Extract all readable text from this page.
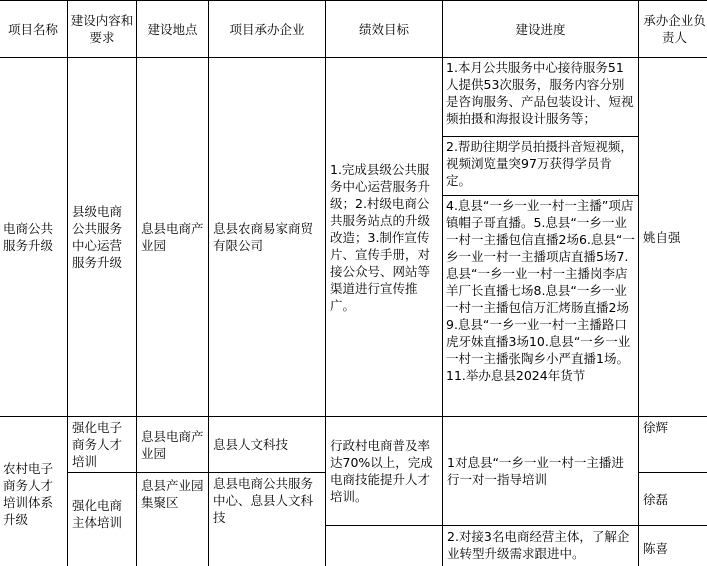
项目名称	建设内容和要求	建设地点	项目承办企业	绩效目标	建设进度	承办企业负责人
电商公共服务升级	县级电商公共服务中心运营服务升级	息县电商产业园	息县农商易家商贸有限公司	1.完成县级公共服务中心运营服务升级；2.村级电商公共服务站点的升级改造；3.制作宣传片、宣传手册，对接公众号、网站等渠道进行宣传推广。	1.本月公共服务中心接待服务51人提供53次服务，服务内容分别是咨询服务、产品包装设计、短视频拍摄和海报设计服务等；	姚自强
					2.帮助往期学员拍摄抖音短视频，视频浏览量突97万获得学员肯定。	
					4.息县“一乡一业一村一主播”项店镇帽子哥直播。5.息县“一乡一业一村一主播包信直播2场6.息县“一乡一业一村一主播项店直播5场7.息县“一乡一业一村一主播岗李店羊厂长直播七场8.息县“一乡一业一村一主播包信万汇烤肠直播2场9.息县“一乡一业一村一主播路口虎牙妹直播3场10.息县“一乡一业一村一主播张陶乡小严直播1场。11.举办息县2024年货节	
农村电子商务人才培训体系升级	强化电子商务人才培训	息县电商产业园	息县人文科技	行政村电商普及率达70%以上，完成电商技能提升人才培训。	1对息县“一乡一业一村一主播进行一对一指导培训	徐辉
	强化电商主体培训	息县产业园集聚区	息县电商公共服务中心、息县人文科技			徐磊
					2.对接3名电商经营主体，了解企业转型升级需求跟进中。	陈喜
